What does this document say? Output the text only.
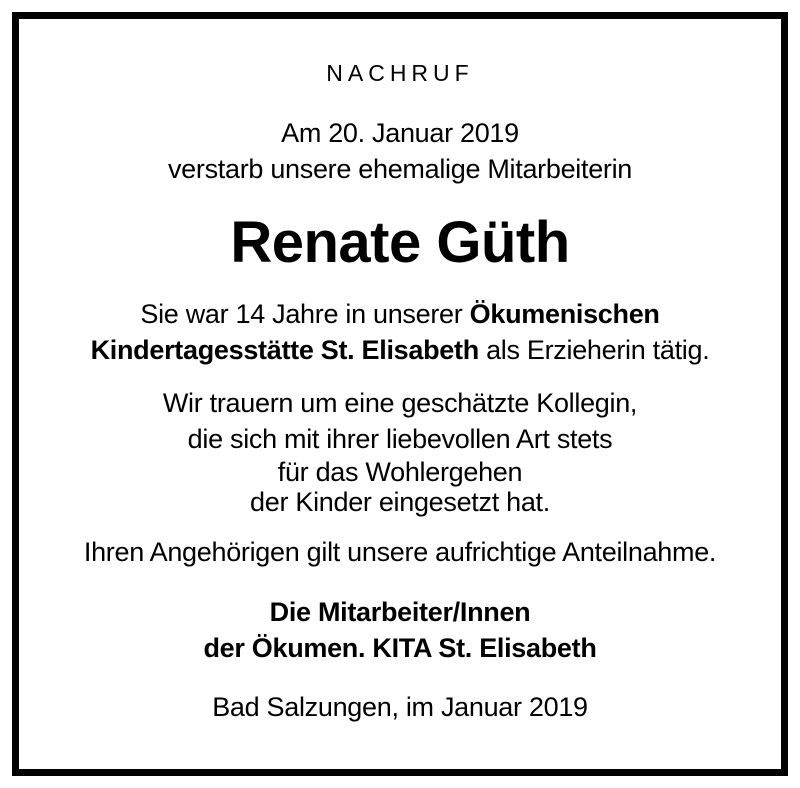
NACHRUF
Am 20. Januar 2019
verstarb unsere ehemalige Mitarbeiterin
Renate Güth
Sie war 14 Jahre in unserer Ökumenischen
Kindertagesstätte St. Elisabeth als Erzieherin tätig.
Wir trauern um eine geschätzte Kollegin,
die sich mit ihrer liebevollen Art stets
für das Wohlergehen
der Kinder eingesetzt hat.
Ihren Angehörigen gilt unsere aufrichtige Anteilnahme.
Die Mitarbeiter/Innen
der Ökumen. KITA St. Elisabeth
Bad Salzungen, im Januar 2019
